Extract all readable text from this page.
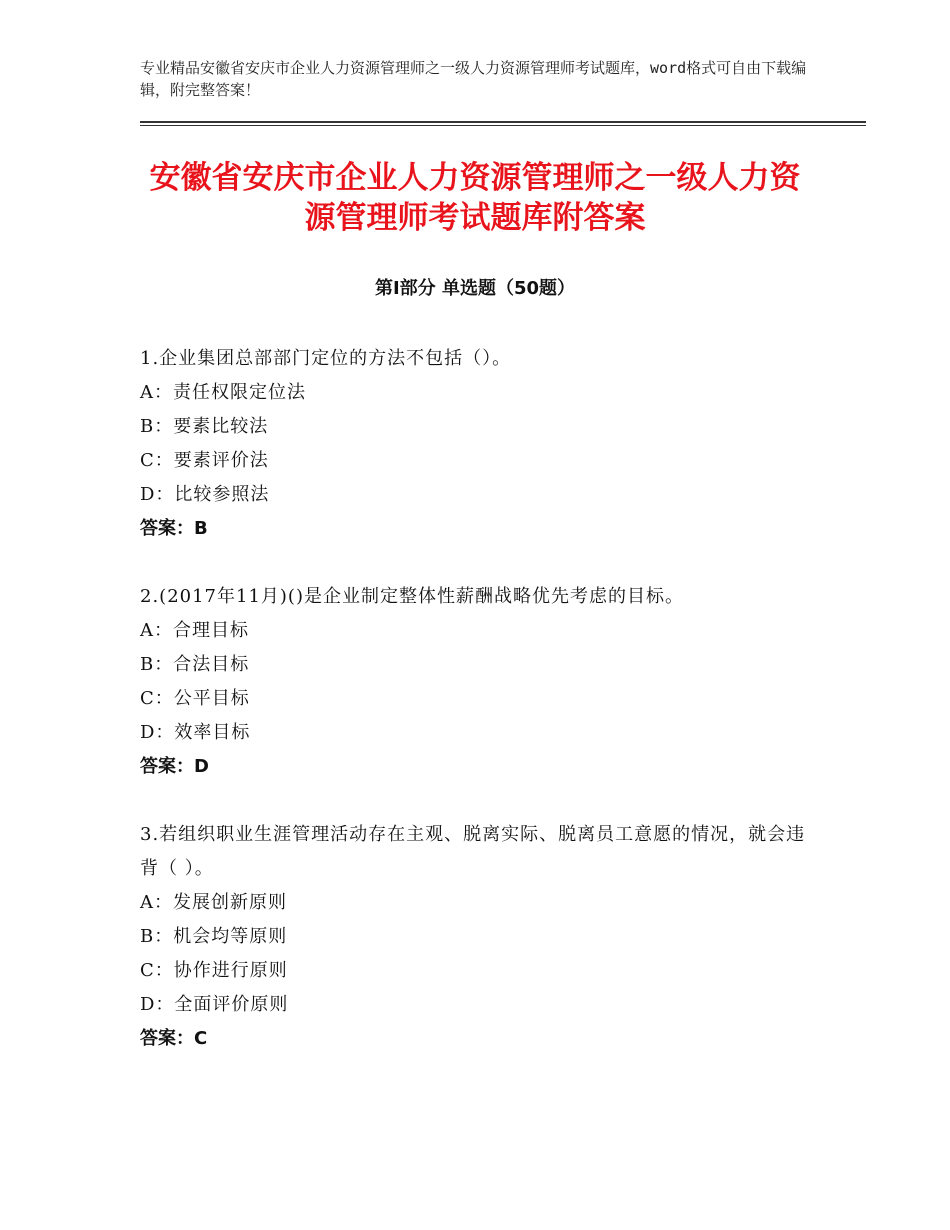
专业精品安徽省安庆市企业人力资源管理师之一级人力资源管理师考试题库，word格式可自由下载编辑，附完整答案！
安徽省安庆市企业人力资源管理师之一级人力资源管理师考试题库附答案
第Ⅰ部分 单选题（50题）
1.企业集团总部部门定位的方法不包括（）。
A：责任权限定位法
B：要素比较法
C：要素评价法
D：比较参照法
答案：B
2.(2017年11月)()是企业制定整体性薪酬战略优先考虑的目标。
A：合理目标
B：合法目标
C：公平目标
D：效率目标
答案：D
3.若组织职业生涯管理活动存在主观、脱离实际、脱离员工意愿的情况，就会违背（ ）。
A：发展创新原则
B：机会均等原则
C：协作进行原则
D：全面评价原则
答案：C
